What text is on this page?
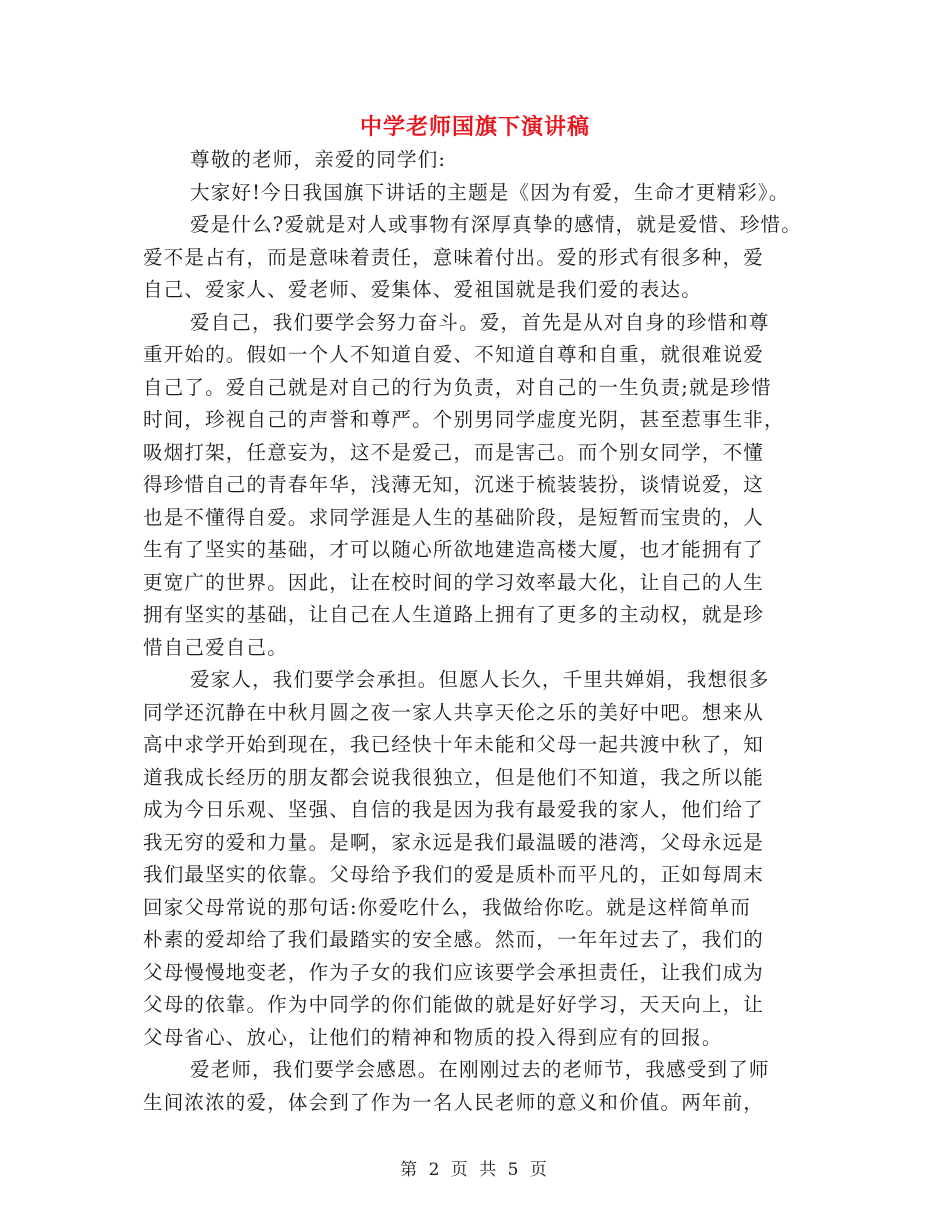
中学老师国旗下演讲稿
尊敬的老师，亲爱的同学们:
大家好!今日我国旗下讲话的主题是《因为有爱，生命才更精彩》。
爱是什么?爱就是对人或事物有深厚真挚的感情，就是爱惜、珍惜。
爱不是占有，而是意味着责任，意味着付出。爱的形式有很多种，爱
自己、爱家人、爱老师、爱集体、爱祖国就是我们爱的表达。
爱自己，我们要学会努力奋斗。爱，首先是从对自身的珍惜和尊
重开始的。假如一个人不知道自爱、不知道自尊和自重，就很难说爱
自己了。爱自己就是对自己的行为负责，对自己的一生负责;就是珍惜
时间，珍视自己的声誉和尊严。个别男同学虚度光阴，甚至惹事生非，
吸烟打架，任意妄为，这不是爱己，而是害己。而个别女同学，不懂
得珍惜自己的青春年华，浅薄无知，沉迷于梳装装扮，谈情说爱，这
也是不懂得自爱。求同学涯是人生的基础阶段，是短暂而宝贵的，人
生有了坚实的基础，才可以随心所欲地建造高楼大厦，也才能拥有了
更宽广的世界。因此，让在校时间的学习效率最大化，让自己的人生
拥有坚实的基础，让自己在人生道路上拥有了更多的主动权，就是珍
惜自己爱自己。
爱家人，我们要学会承担。但愿人长久，千里共婵娟，我想很多
同学还沉静在中秋月圆之夜一家人共享天伦之乐的美好中吧。想来从
高中求学开始到现在，我已经快十年未能和父母一起共渡中秋了，知
道我成长经历的朋友都会说我很独立，但是他们不知道，我之所以能
成为今日乐观、坚强、自信的我是因为我有最爱我的家人，他们给了
我无穷的爱和力量。是啊，家永远是我们最温暖的港湾，父母永远是
我们最坚实的依靠。父母给予我们的爱是质朴而平凡的，正如每周末
回家父母常说的那句话:你爱吃什么，我做给你吃。就是这样简单而
朴素的爱却给了我们最踏实的安全感。然而，一年年过去了，我们的
父母慢慢地变老，作为子女的我们应该要学会承担责任，让我们成为
父母的依靠。作为中同学的你们能做的就是好好学习，天天向上，让
父母省心、放心，让他们的精神和物质的投入得到应有的回报。
爱老师，我们要学会感恩。在刚刚过去的老师节，我感受到了师
生间浓浓的爱，体会到了作为一名人民老师的意义和价值。两年前，
第 2 页 共 5 页
